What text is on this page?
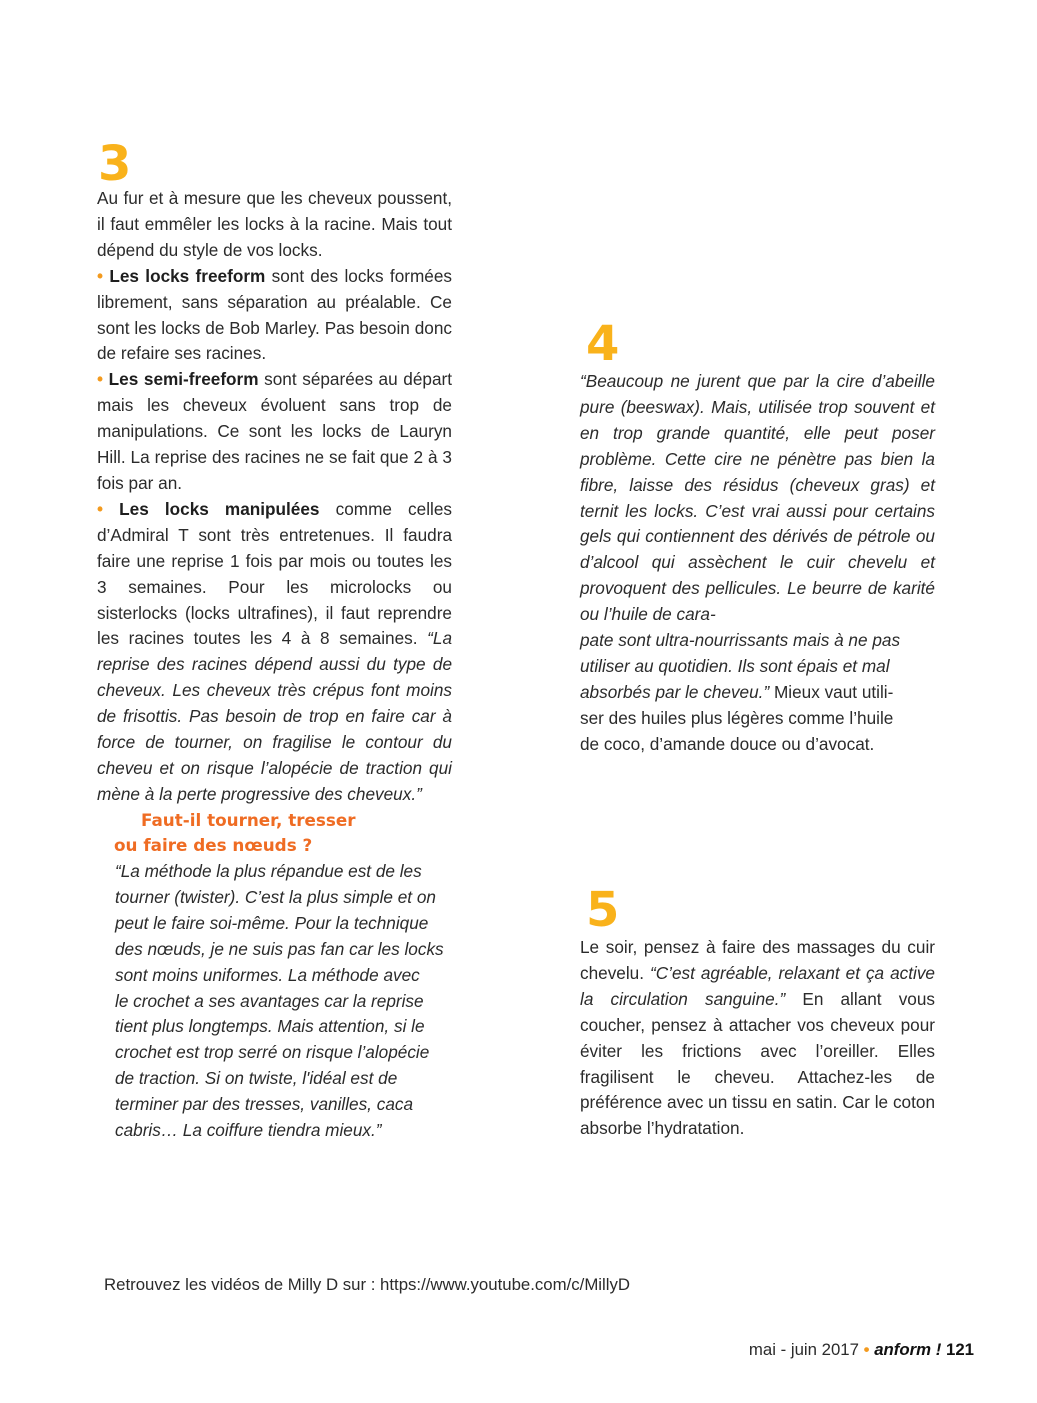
3

Au fur et à mesure que les cheveux poussent, il faut emmêler les locks à la racine. Mais tout dépend du style de vos locks.

• Les locks freeform sont des locks formées librement, sans séparation au préalable. Ce sont les locks de Bob Marley. Pas besoin donc de refaire ses racines.

• Les semi-freeform sont séparées au départ mais les cheveux évoluent sans trop de manipulations. Ce sont les locks de Lauryn Hill. La reprise des racines ne se fait que 2 à 3 fois par an.

• Les locks manipulées comme celles d’Admiral T sont très entretenues. Il faudra faire une reprise 1 fois par mois ou toutes les 3 semaines. Pour les microlocks ou sisterlocks (locks ultrafines), il faut reprendre les racines toutes les 4 à 8 semaines. “La reprise des racines dépend aussi du type de cheveux. Les cheveux très crépus font moins de frisottis. Pas besoin de trop en faire car à force de tourner, on fragilise le contour du cheveu et on risque l’alopécie de traction qui mène à la perte progressive des cheveux.”

Faut-il tourner, tresser
ou faire des nœuds ?
“La méthode la plus répandue est de les
tourner (twister). C’est la plus simple et on
peut le faire soi-même. Pour la technique
des nœuds, je ne suis pas fan car les locks
sont moins uniformes. La méthode avec
le crochet a ses avantages car la reprise
tient plus longtemps. Mais attention, si le
crochet est trop serré on risque l’alopécie
de traction. Si on twiste, l'idéal est de
terminer par des tresses, vanilles, caca
cabris… La coiffure tiendra mieux.”
4
“Beaucoup ne jurent que par la cire d’abeille pure (beeswax). Mais, utilisée trop souvent et en trop grande quantité, elle peut poser problème. Cette cire ne pénètre pas bien la fibre, laisse des résidus (cheveux gras) et ternit les locks. C’est vrai aussi pour certains gels qui contiennent des dérivés de pétrole ou d’alcool qui assèchent le cuir chevelu et provoquent des pellicules. Le beurre de karité ou l’huile de cara-
pate sont ultra-nourrissants mais à ne pas
utiliser au quotidien. Ils sont épais et mal
absorbés par le cheveu.” Mieux vaut utili-
ser des huiles plus légères comme l’huile
de coco, d’amande douce ou d’avocat.
5

Le soir, pensez à faire des massages du cuir chevelu. “C’est agréable, relaxant et ça active la circulation sanguine.” En allant vous coucher, pensez à attacher vos cheveux pour éviter les frictions avec l’oreiller. Elles fragilisent le cheveu. Attachez-les de préférence avec un tissu en satin. Car le coton absorbe l’hydratation.

Retrouvez les vidéos de Milly D sur : https://www.youtube.com/c/MillyD
mai - juin 2017 • anform ! 121
